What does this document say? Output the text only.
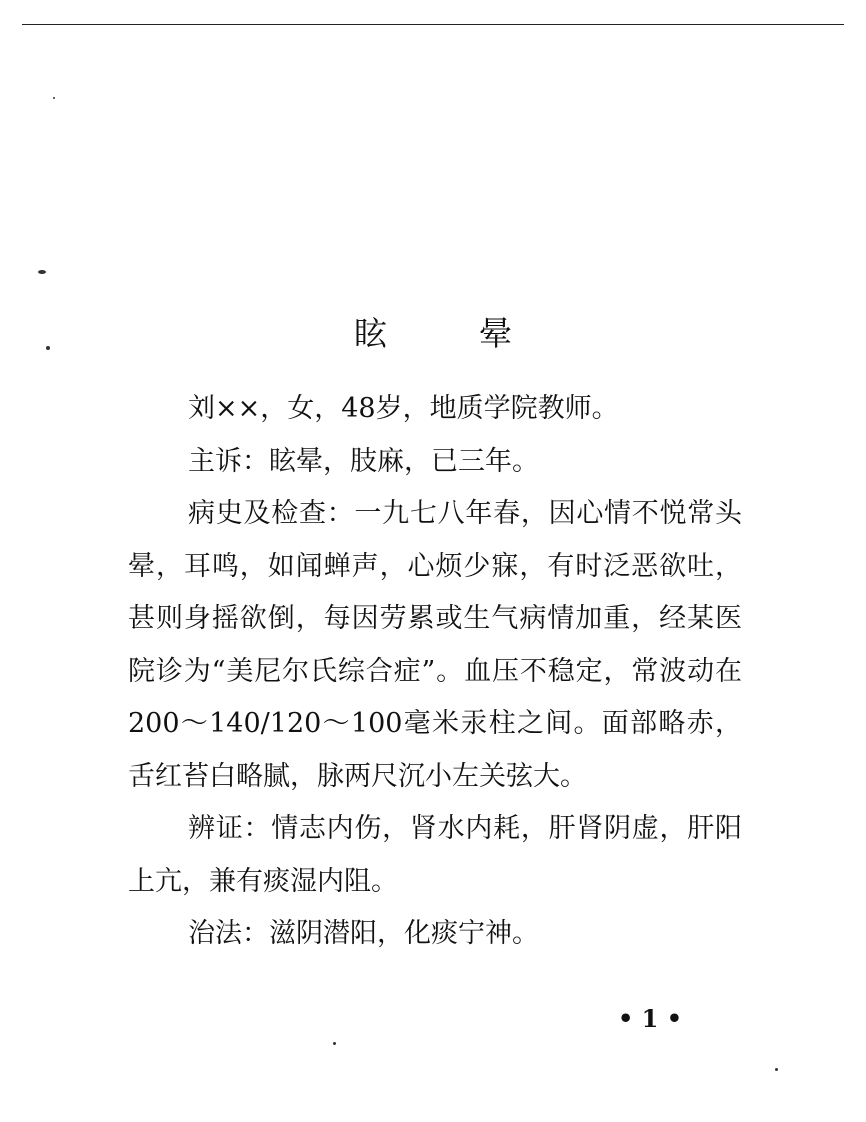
眩	晕

刘××，女，48岁，地质学院教师。

主诉：眩晕，肢麻，已三年。

病史及检查：一九七八年春，因心情不悦常头晕，耳鸣，如闻蝉声，心烦少寐，有时泛恶欲吐，甚则身摇欲倒，每因劳累或生气病情加重，经某医院诊为“美尼尔氏综合症”。血压不稳定，常波动在200～140/120～100毫米汞柱之间。面部略赤，舌红苔白略腻，脉两尺沉小左关弦大。

辨证：情志内伤，肾水内耗，肝肾阴虚，肝阳上亢，兼有痰湿内阻。

治法：滋阴潜阳，化痰宁神。

• 1 •
